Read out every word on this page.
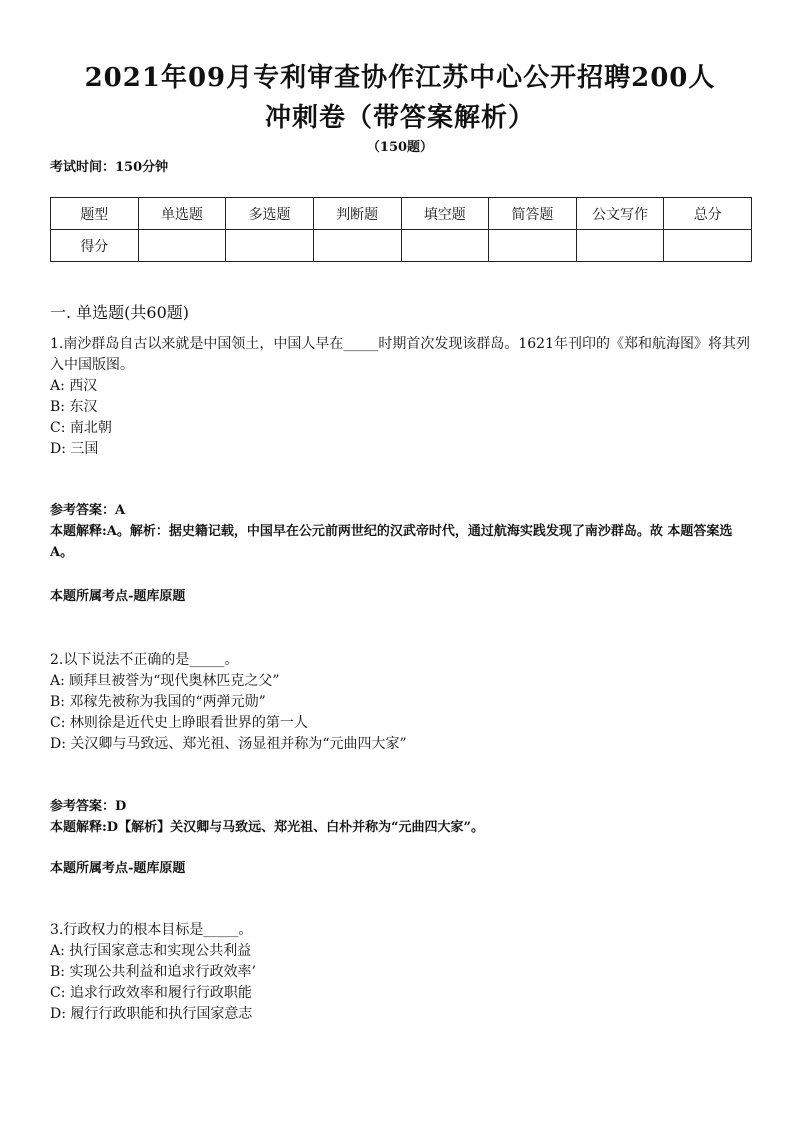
2021年09月专利审查协作江苏中心公开招聘200人
冲刺卷（带答案解析）
（150题）
考试时间：150分钟
题型	单选题	多选题	判断题	填空题	简答题	公文写作	总分
得分							
一. 单选题(共60题)
1.南沙群岛自古以来就是中国领土，中国人早在_____时期首次发现该群岛。1621年刊印的《郑和航海图》将其列入中国版图。
A: 西汉
B: 东汉
C: 南北朝
D: 三国
参考答案：A
本题解释:A。解析：据史籍记载，中国早在公元前两世纪的汉武帝时代，通过航海实践发现了南沙群岛。故 本题答案选A。
本题所属考点-题库原题
2.以下说法不正确的是_____。
A: 顾拜旦被誉为“现代奥林匹克之父”
B: 邓稼先被称为我国的“两弹元勋”
C: 林则徐是近代史上睁眼看世界的第一人
D: 关汉卿与马致远、郑光祖、汤显祖并称为“元曲四大家”
参考答案：D
本题解释:D【解析】关汉卿与马致远、郑光祖、白朴并称为“元曲四大家”。
本题所属考点-题库原题
3.行政权力的根本目标是_____。
A: 执行国家意志和实现公共利益
B: 实现公共利益和追求行政效率’
C: 追求行政效率和履行行政职能
D: 履行行政职能和执行国家意志
